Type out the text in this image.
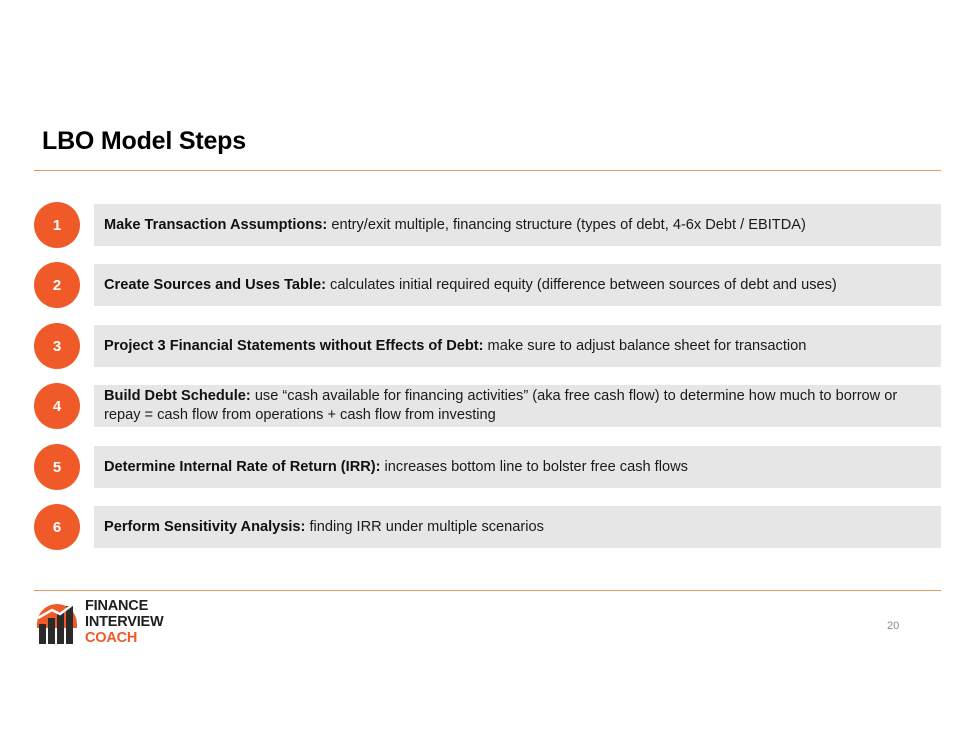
LBO Model Steps
1	Make Transaction Assumptions: entry/exit multiple, financing structure (types of debt, 4-6x Debt / EBITDA)
2	Create Sources and Uses Table: calculates initial required equity (difference between sources of debt and uses)
3	Project 3 Financial Statements without Effects of Debt: make sure to adjust balance sheet for transaction
4
Build Debt Schedule: use “cash available for financing activities” (aka free cash flow) to determine how much to borrow or repay = cash flow from operations + cash flow from investing
5	Determine Internal Rate of Return (IRR): increases bottom line to bolster free cash flows
6	Perform Sensitivity Analysis: finding IRR under multiple scenarios
FINANCE
INTERVIEW
COACH
20
